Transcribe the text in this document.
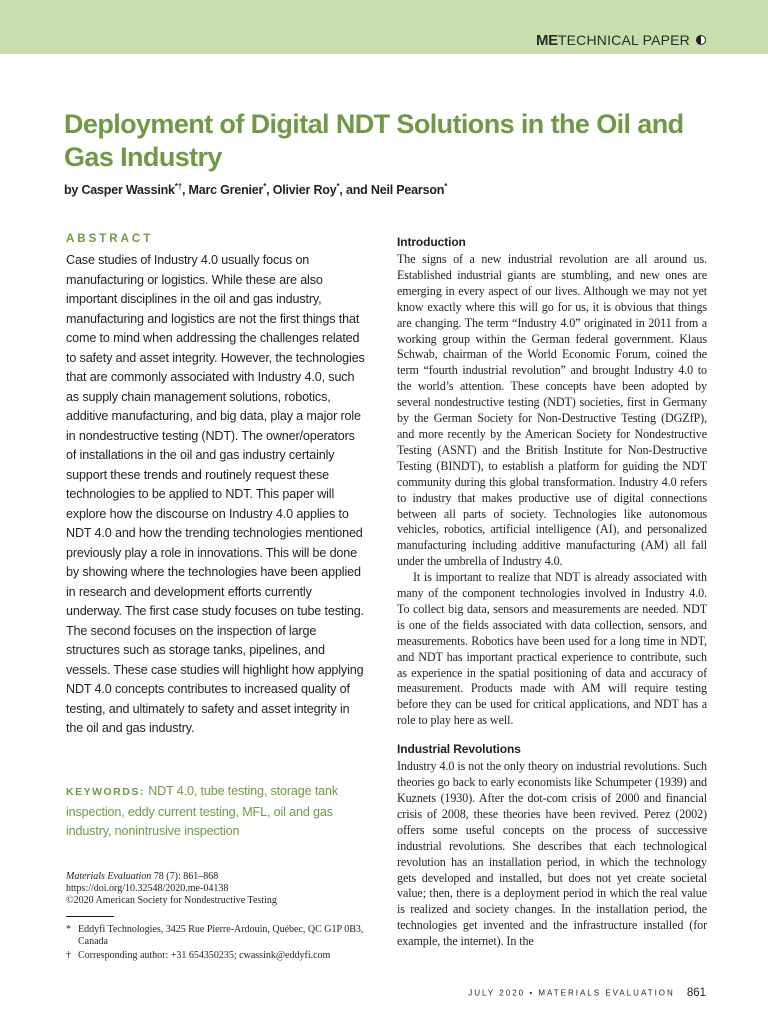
METECHNICAL PAPER
Deployment of Digital NDT Solutions in the Oil and Gas Industry
by Casper Wassink*†, Marc Grenier*, Olivier Roy*, and Neil Pearson*
ABSTRACT

Case studies of Industry 4.0 usually focus on manufacturing or logistics. While these are also important disciplines in the oil and gas industry, manufacturing and logistics are not the first things that come to mind when addressing the challenges related to safety and asset integrity. However, the technologies that are commonly associated with Industry 4.0, such as supply chain management solutions, robotics, additive manufacturing, and big data, play a major role in nondestructive testing (NDT). The owner/operators of installations in the oil and gas industry certainly support these trends and routinely request these technologies to be applied to NDT. This paper will explore how the discourse on Industry 4.0 applies to NDT 4.0 and how the trending technologies mentioned previously play a role in innovations. This will be done by showing where the technologies have been applied in research and development efforts currently underway. The first case study focuses on tube testing. The second focuses on the inspection of large structures such as storage tanks, pipelines, and vessels. These case studies will highlight how applying NDT 4.0 concepts contributes to increased quality of testing, and ultimately to safety and asset integrity in the oil and gas industry.

KEYWORDS: NDT 4.0, tube testing, storage tank inspection, eddy current testing, MFL, oil and gas industry, nonintrusive inspection

Materials Evaluation 78 (7): 861–868
https://doi.org/10.32548/2020.me-04138
©2020 American Society for Nondestructive Testing
* Eddyfi Technologies, 3425 Rue Pierre-Ardouin, Québec, QC G1P 0B3, Canada
† Corresponding author: +31 654350235; cwassink@eddyfi.com
Introduction

The signs of a new industrial revolution are all around us. Established industrial giants are stumbling, and new ones are emerging in every aspect of our lives. Although we may not yet know exactly where this will go for us, it is obvious that things are changing. The term “Industry 4.0” originated in 2011 from a working group within the German federal government. Klaus Schwab, chairman of the World Economic Forum, coined the term “fourth industrial revolution” and brought Industry 4.0 to the world’s attention. These concepts have been adopted by several nondestructive testing (NDT) societies, first in Germany by the German Society for Non-Destructive Testing (DGZfP), and more recently by the American Society for Nondestructive Testing (ASNT) and the British Institute for Non-Destructive Testing (BINDT), to establish a platform for guiding the NDT community during this global transformation. Industry 4.0 refers to industry that makes productive use of digital connections between all parts of society. Technologies like autonomous vehicles, robotics, artificial intelligence (AI), and personalized manufacturing including additive manufacturing (AM) all fall under the umbrella of Industry 4.0.

It is important to realize that NDT is already associated with many of the component technologies involved in Industry 4.0. To collect big data, sensors and measurements are needed. NDT is one of the fields associated with data collection, sensors, and measurements. Robotics have been used for a long time in NDT, and NDT has important practical experience to contribute, such as experience in the spatial positioning of data and accuracy of measurement. Products made with AM will require testing before they can be used for critical applications, and NDT has a role to play here as well.

Industrial Revolutions

Industry 4.0 is not the only theory on industrial revolutions. Such theories go back to early economists like Schumpeter (1939) and Kuznets (1930). After the dot-com crisis of 2000 and financial crisis of 2008, these theories have been revived. Perez (2002) offers some useful concepts on the process of successive industrial revolutions. She describes that each technological revolution has an installation period, in which the technology gets developed and installed, but does not yet create societal value; then, there is a deployment period in which the real value is realized and society changes. In the installation period, the technologies get invented and the infrastructure installed (for example, the internet). In the

JULY 2020 • MATERIALS EVALUATION 861
